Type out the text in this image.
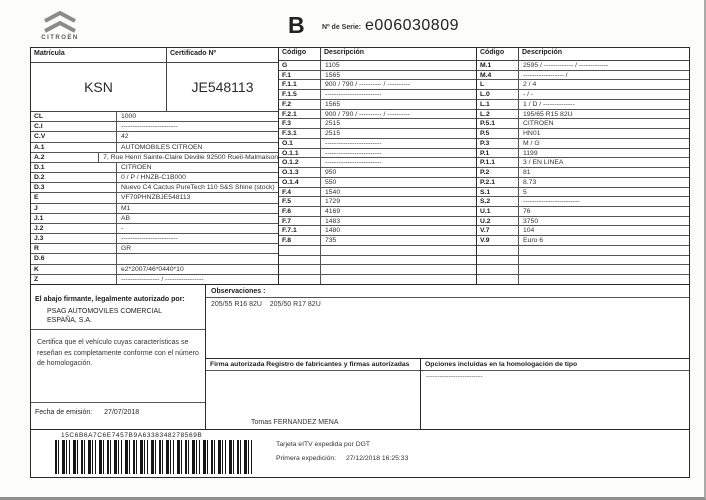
CITROËN	B Nº de Serie: e006030809
Matrícula	Certificado Nº
KSN	JE548113
CL	1000
C.I	-------------------------
C.V	42
A.1	AUTOMOBILES CITROEN
A.2	7, Rue Henri Sainte-Claire Deville 92500 Rueil-Malmaison
D.1	CITROEN
D.2	0 / P / HNZB-C1B000
D.3	Nuevo C4 Cactus PureTech 110 S&S Shine (stock)
E	VF70PHNZBJE548113
J	M1
J.1	AB
J.2	-
J.3	-------------------------
R	GR
D.6
K	e2*2007/46*0440*10
Z	----------------- / -----------------
Código	Descripción
G	1105
F.1	1565
F.1.1	900 / 790 / ---------- / ----------
F.1.5	-------------------------
F.2	1565
F.2.1	900 / 790 / ---------- / ----------
F.3	2515
F.3.1	2515
O.1	-------------------------
O.1.1	-------------------------
O.1.2	-------------------------
O.1.3	950
O.1.4	550
F.4	1540
F.5	1729
F.6	4169
F.7	1483
F.7.1	1480
F.8	735
Código	Descripción
M.1	2595 / ------------- / -------------
M.4	------------------ /
L	2 / 4
L.0	- / -
L.1	1 / D / --------------
L.2	195/65 R15 82U
P.5.1	CITROEN
P.5	HN01
P.3	M / G
P.1	1199
P.1.1	3 / EN LINEA
P.2	81
P.2.1	8.73
S.1	5
S.2	-------------------------
U.1	76
U.2	3750
V.7	104
V.9	Euro 6
El abajo firmante, legalmente autorizado por:
PSAG AUTOMOVILES COMERCIAL ESPAÑA, S.A.
Certifica que el vehículo cuyas características se reseñan es completamente conforme con el número de homologación.
Fecha de emisión: 27/07/2018
Observaciones :
205/55 R16 82U    205/50 R17 82U
Firma autorizada Registro de fabricantes y firmas autorizadas
Tomas FERNANDEZ MENA
Opciones incluidas en la homologación de tipo
-------------------------
15C6B6A7C6E7457B9A6338348278569B
Tarjeta eITV expedida por DGT
Primera expedición: 27/12/2018 16:25:33
